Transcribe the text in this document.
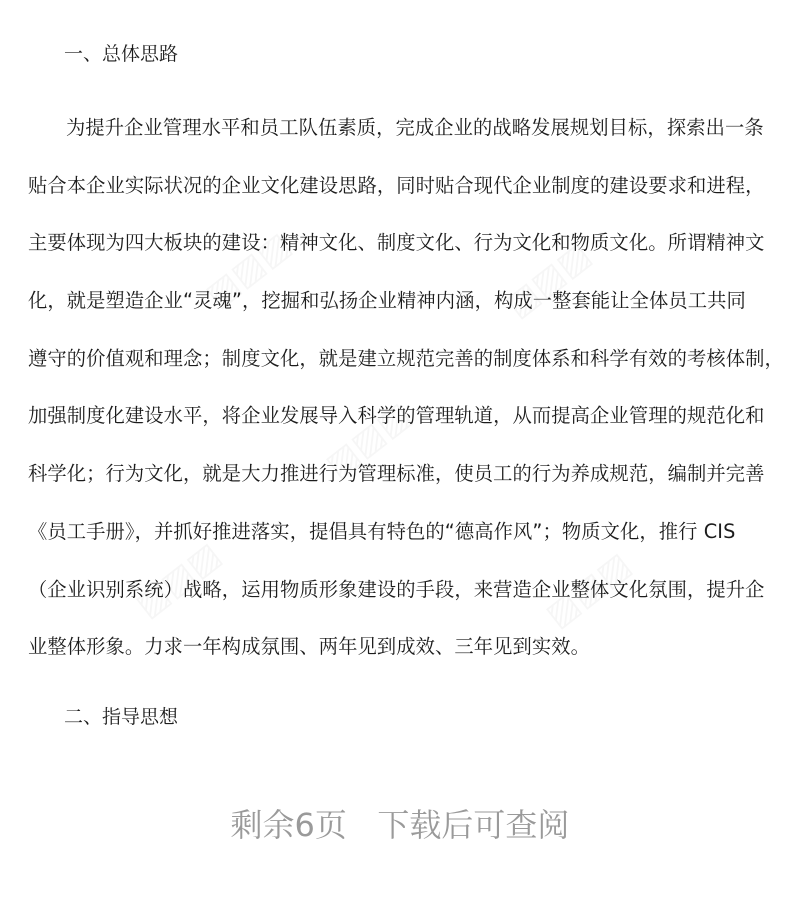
一、总体思路
为提升企业管理水平和员工队伍素质，完成企业的战略发展规划目标，探索出一条
贴合本企业实际状况的企业文化建设思路，同时贴合现代企业制度的建设要求和进程，
主要体现为四大板块的建设：精神文化、制度文化、行为文化和物质文化。所谓精神文
化，就是塑造企业“灵魂”，挖掘和弘扬企业精神内涵，构成一整套能让全体员工共同
遵守的价值观和理念；制度文化，就是建立规范完善的制度体系和科学有效的考核体制，
加强制度化建设水平，将企业发展导入科学的管理轨道，从而提高企业管理的规范化和
科学化；行为文化，就是大力推进行为管理标准，使员工的行为养成规范，编制并完善
《员工手册》，并抓好推进落实，提倡具有特色的“德高作风”；物质文化，推行 CIS
（企业识别系统）战略，运用物质形象建设的手段，来营造企业整体文化氛围，提升企
业整体形象。力求一年构成氛围、两年见到成效、三年见到实效。
二、指导思想
剩余6页   下载后可查阅
